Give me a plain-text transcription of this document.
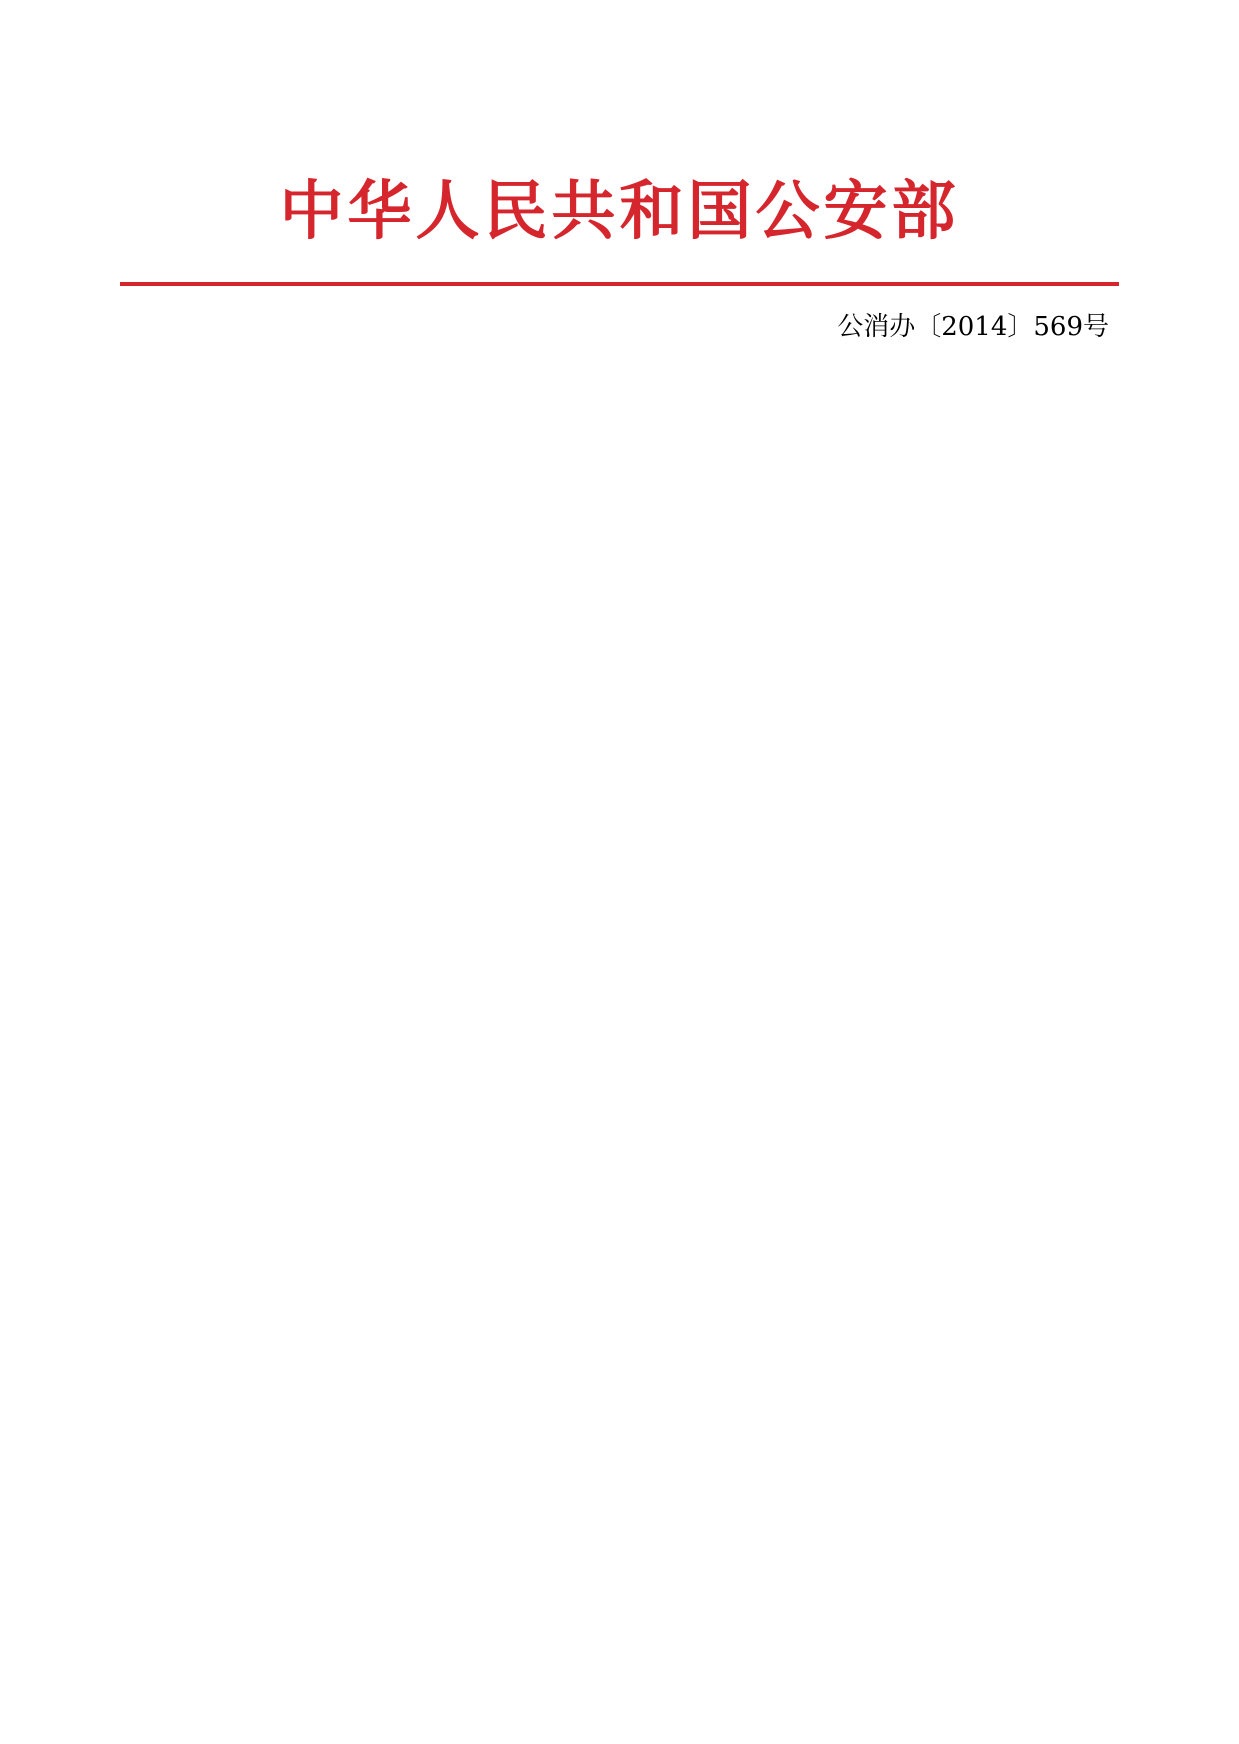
中华人民共和国公安部
公消办〔2014〕569号
